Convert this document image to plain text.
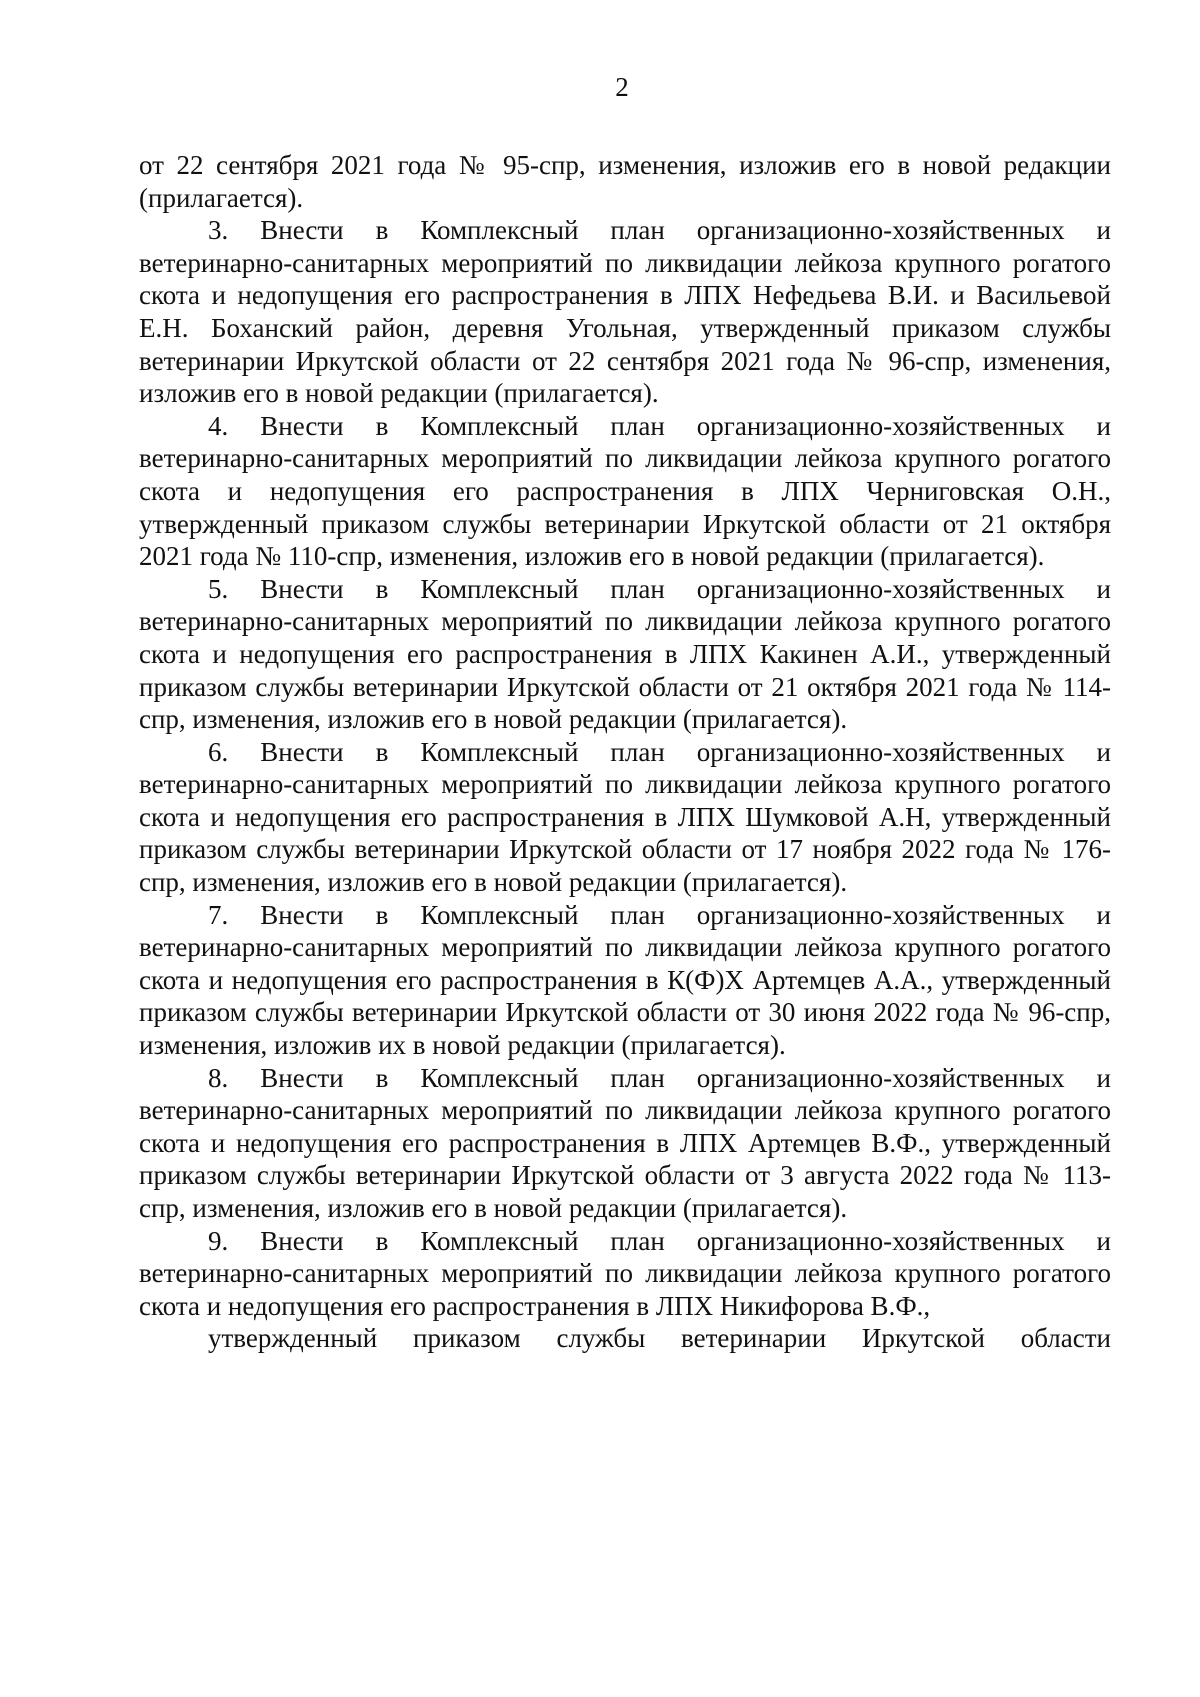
2

от 22 сентября 2021 года № 95-спр, изменения, изложив его в новой редакции (прилагается).

3. Внести в Комплексный план организационно-хозяйственных и ветеринарно-санитарных мероприятий по ликвидации лейкоза крупного рогатого скота и недопущения его распространения в ЛПХ Нефедьева В.И. и Васильевой Е.Н. Боханский район, деревня Угольная, утвержденный приказом службы ветеринарии Иркутской области от 22 сентября 2021 года № 96-спр, изменения, изложив его в новой редакции (прилагается).

4. Внести в Комплексный план организационно-хозяйственных и ветеринарно-санитарных мероприятий по ликвидации лейкоза крупного рогатого скота и недопущения его распространения в ЛПХ Черниговская О.Н., утвержденный приказом службы ветеринарии Иркутской области от 21 октября 2021 года № 110-спр, изменения, изложив его в новой редакции (прилагается).

5. Внести в Комплексный план организационно-хозяйственных и ветеринарно-санитарных мероприятий по ликвидации лейкоза крупного рогатого скота и недопущения его распространения в ЛПХ Какинен А.И., утвержденный приказом службы ветеринарии Иркутской области от 21 октября 2021 года № 114-спр, изменения, изложив его в новой редакции (прилагается).

6. Внести в Комплексный план организационно-хозяйственных и ветеринарно-санитарных мероприятий по ликвидации лейкоза крупного рогатого скота и недопущения его распространения в ЛПХ Шумковой А.Н, утвержденный приказом службы ветеринарии Иркутской области от 17 ноября 2022 года № 176-спр, изменения, изложив его в новой редакции (прилагается).

7. Внести в Комплексный план организационно-хозяйственных и ветеринарно-санитарных мероприятий по ликвидации лейкоза крупного рогатого скота и недопущения его распространения в К(Ф)Х Артемцев А.А., утвержденный приказом службы ветеринарии Иркутской области от 30 июня 2022 года № 96-спр, изменения, изложив их в новой редакции (прилагается).

8. Внести в Комплексный план организационно-хозяйственных и ветеринарно-санитарных мероприятий по ликвидации лейкоза крупного рогатого скота и недопущения его распространения в ЛПХ Артемцев В.Ф., утвержденный приказом службы ветеринарии Иркутской области от 3 августа 2022 года № 113-спр, изменения, изложив его в новой редакции (прилагается).

9. Внести в Комплексный план организационно-хозяйственных и ветеринарно-санитарных мероприятий по ликвидации лейкоза крупного рогатого скота и недопущения его распространения в ЛПХ Никифорова В.Ф.,
утвержденный приказом службы ветеринарии Иркутской области
